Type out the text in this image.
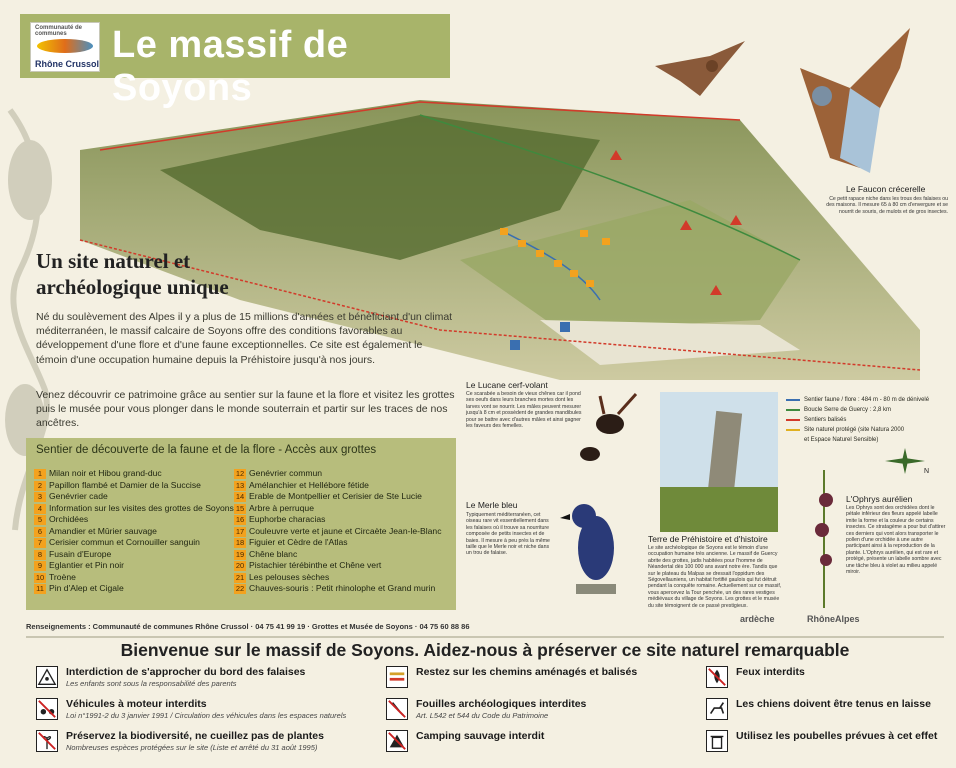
Communauté de communes
Rhône Crussol Le massif de Soyons
Le Faucon crécerelle
Ce petit rapace niche dans les trous des falaises ou des maisons. Il mesure 65 à 80 cm d'envergure et se nourrit de souris, de mulots et de gros insectes.
Un site naturel et
archéologique unique
Né du soulèvement des Alpes il y a plus de 15 millions d'années et bénéficiant d'un climat méditerranéen, le massif calcaire de Soyons offre des conditions favorables au développement d'une flore et d'une faune exceptionnelles. Ce site est également le témoin d'une occupation humaine depuis la Préhistoire jusqu'à nos jours.
Venez découvrir ce patrimoine grâce au sentier sur la faune et la flore et visitez les grottes puis le musée pour vous plonger dans le monde souterrain et partir sur les traces de nos ancêtres.
Le Lucane cerf-volant
Ce scarabée a besoin de vieux chênes car il pond ses oeufs dans leurs branches mortes dont les larves vont se nourrir. Les mâles peuvent mesurer jusqu'à 8 cm et possèdent de grandes mandibules pour se battre avec d'autres mâles et ainsi gagner les faveurs des femelles.
Le Merle bleu
Typiquement méditerranéen, cet oiseau rare vit essentiellement dans les falaises où il trouve sa nourriture composée de petits insectes et de baies. Il mesure à peu près la même taille que le Merle noir et niche dans un trou de falaise.
Terre de Préhistoire et d'histoire
Le site archéologique de Soyons est le témoin d'une occupation humaine très ancienne. Le massif de Guercy abrite des grottes, jadis habitées pour l'homme de Néandertal dès 100 000 ans avant notre ère. Tandis que sur le plateau du Malpas se dressait l'oppidum des Ségovellauniens, un habitat fortifié gaulois qui fut détruit pendant la conquête romaine. Actuellement sur ce massif, vous apercevez la Tour penchée, un des rares vestiges médiévaux du village de Soyons. Les grottes et le musée du site témoignent de ce passé prestigieux.
Sentier faune / flore : 484 m - 80 m de dénivelé
Boucle Serre de Guercy : 2,8 km
Sentiers balisés
Site naturel protégé (site Natura 2000
et Espace Naturel Sensible)
N
L'Ophrys aurélien
Les Ophrys sont des orchidées dont le pétale inférieur des fleurs appelé labelle imite la forme et la couleur de certains insectes. Ce stratagème a pour but d'attirer ces derniers qui vont alors transporter le pollen d'une orchidée à une autre participant ainsi à la reproduction de la plante. L'Ophrys aurélien, qui est rare et protégé, présente un labelle sombre avec une tâche bleu à violet au milieu appelé miroir.
Sentier de découverte de la faune et de la flore - Accès aux grottes
1 Milan noir et Hibou grand-duc
2 Papillon flambé et Damier de la Succise
3 Genévrier cade
4 Information sur les visites des grottes de Soyons
5 Orchidées
6 Amandier et Mûrier sauvage
7 Cerisier commun et Cornouiller sanguin
8 Fusain d'Europe
9 Eglantier et Pin noir
10 Troène
11 Pin d'Alep et Cigale
12 Genévrier commun
13 Amélanchier et Hellébore fétide
14 Erable de Montpellier et Cerisier de Ste Lucie
15 Arbre à perruque
16 Euphorbe characias
17 Couleuvre verte et jaune et Circaète Jean-le-Blanc
18 Figuier et Cèdre de l'Atlas
19 Chêne blanc
20 Pistachier térébinthe et Chêne vert
21 Les pelouses sèches
22 Chauves-souris : Petit rhinolophe et Grand murin
Renseignements : Communauté de communes Rhône Crussol · 04 75 41 99 19 · Grottes et Musée de Soyons · 04 75 60 88 86
ardèche	RhôneAlpes
Bienvenue sur le massif de Soyons. Aidez-nous à préserver ce site naturel remarquable
Interdiction de s'approcher du bord des falaises
Les enfants sont sous la responsabilité des parents
Véhicules à moteur interdits
Loi n°1991-2 du 3 janvier 1991 / Circulation des véhicules dans les espaces naturels
Préservez la biodiversité, ne cueillez pas de plantes
Nombreuses espèces protégées sur le site (Liste et arrêté du 31 août 1995)
Restez sur les chemins aménagés et balisés
Fouilles archéologiques interdites
Art. L542 et 544 du Code du Patrimoine
Camping sauvage interdit
Feux interdits
Les chiens doivent être tenus en laisse
Utilisez les poubelles prévues à cet effet
